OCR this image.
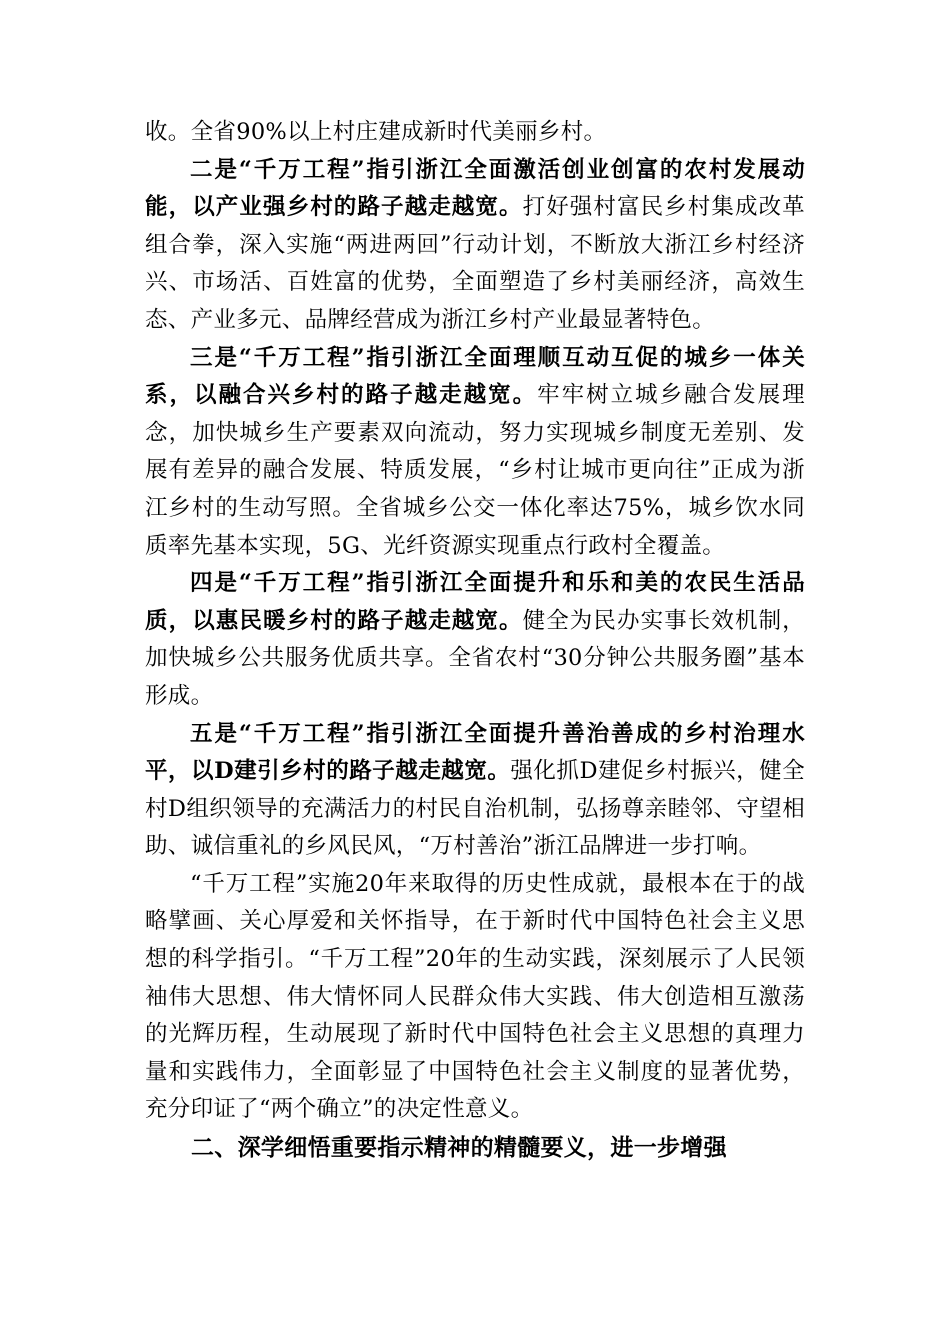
收。全省90%以上村庄建成新时代美丽乡村。

二是“千万工程”指引浙江全面激活创业创富的农村发展动能，以产业强乡村的路子越走越宽。打好强村富民乡村集成改革组合拳，深入实施“两进两回”行动计划，不断放大浙江乡村经济兴、市场活、百姓富的优势，全面塑造了乡村美丽经济，高效生态、产业多元、品牌经营成为浙江乡村产业最显著特色。

三是“千万工程”指引浙江全面理顺互动互促的城乡一体关系，以融合兴乡村的路子越走越宽。牢牢树立城乡融合发展理念，加快城乡生产要素双向流动，努力实现城乡制度无差别、发展有差异的融合发展、特质发展，“乡村让城市更向往”正成为浙江乡村的生动写照。全省城乡公交一体化率达75%，城乡饮水同质率先基本实现，5G、光纤资源实现重点行政村全覆盖。

四是“千万工程”指引浙江全面提升和乐和美的农民生活品质，以惠民暖乡村的路子越走越宽。健全为民办实事长效机制，加快城乡公共服务优质共享。全省农村“30分钟公共服务圈”基本形成。

五是“千万工程”指引浙江全面提升善治善成的乡村治理水平，以D建引乡村的路子越走越宽。强化抓D建促乡村振兴，健全村D组织领导的充满活力的村民自治机制，弘扬尊亲睦邻、守望相助、诚信重礼的乡风民风，“万村善治”浙江品牌进一步打响。

“千万工程”实施20年来取得的历史性成就，最根本在于的战略擘画、关心厚爱和关怀指导，在于新时代中国特色社会主义思想的科学指引。“千万工程”20年的生动实践，深刻展示了人民领袖伟大思想、伟大情怀同人民群众伟大实践、伟大创造相互激荡的光辉历程，生动展现了新时代中国特色社会主义思想的真理力量和实践伟力，全面彰显了中国特色社会主义制度的显著优势，充分印证了“两个确立”的决定性意义。

二、深学细悟重要指示精神的精髓要义，进一步增强
